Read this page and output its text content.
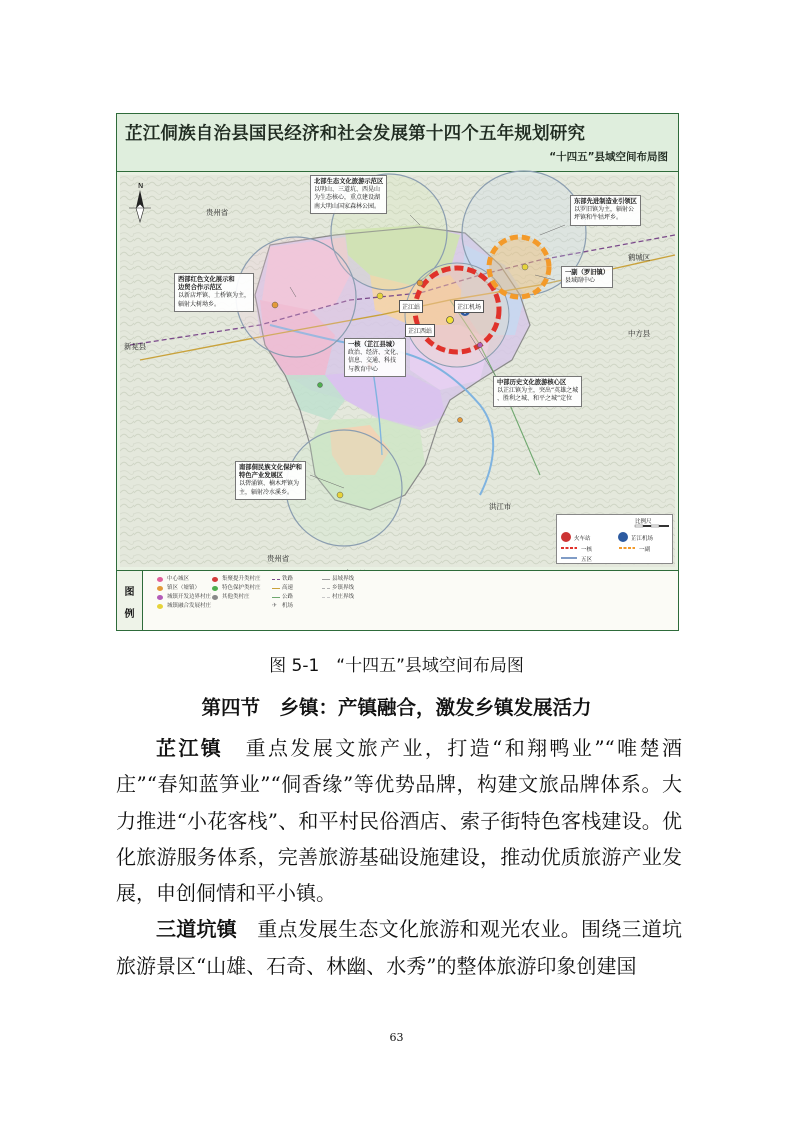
芷江侗族自治县国民经济和社会发展第十四个五年规划研究
“十四五”县域空间布局图
N
贵州省
鹤城区
中方县
新晃县
洪江市
贵州省
芷江站	芷江机场
芷江西站
北部生态文化旅游示范区
以明山、三道坑、西晃山
为生态核心，重点建设湖
南大明山国家森林公园。
东部先进制造业引领区
以罗旧镇为主，辐射公
坪镇和牛牯坪乡。
一副（罗旧镇）
县域副中心
西部红色文化展示和
边贸合作示范区
以新店坪镇、土桥镇为主，
辐射大树坳乡。
一核（芷江县城）
政治、经济、文化、
信息、交通、科技
与教育中心
中部历史文化旅游核心区
以芷江镇为主，突出“英雄之城
、胜利之城、和平之城”定位
南部侗民族文化保护和
特色产业发展区
以碧涌镇、楠木坪镇为
主，辐射冷水溪乡。
比例尺
火车站	芷江机场
一核	一副
五区
图
例
中心城区
镇区（墟镇）
城镇开发边界村庄
城镇融合发展村庄
集聚提升类村庄
特色保护类村庄
其他类村庄
铁路
高速
公路
✈ 机场
县域界线
乡镇界线
村庄界线
图 5-1　“十四五”县域空间布局图
第四节　乡镇：产镇融合，激发乡镇发展活力

芷江镇 重点发展文旅产业，打造“和翔鸭业”“唯楚酒庄”“春知蓝笋业”“侗香缘”等优势品牌，构建文旅品牌体系。大力推进“小花客栈”、和平村民俗酒店、索子街特色客栈建设。优化旅游服务体系，完善旅游基础设施建设，推动优质旅游产业发展，申创侗情和平小镇。

三道坑镇 重点发展生态文化旅游和观光农业。围绕三道坑旅游景区“山雄、石奇、林幽、水秀”的整体旅游印象创建国

63
